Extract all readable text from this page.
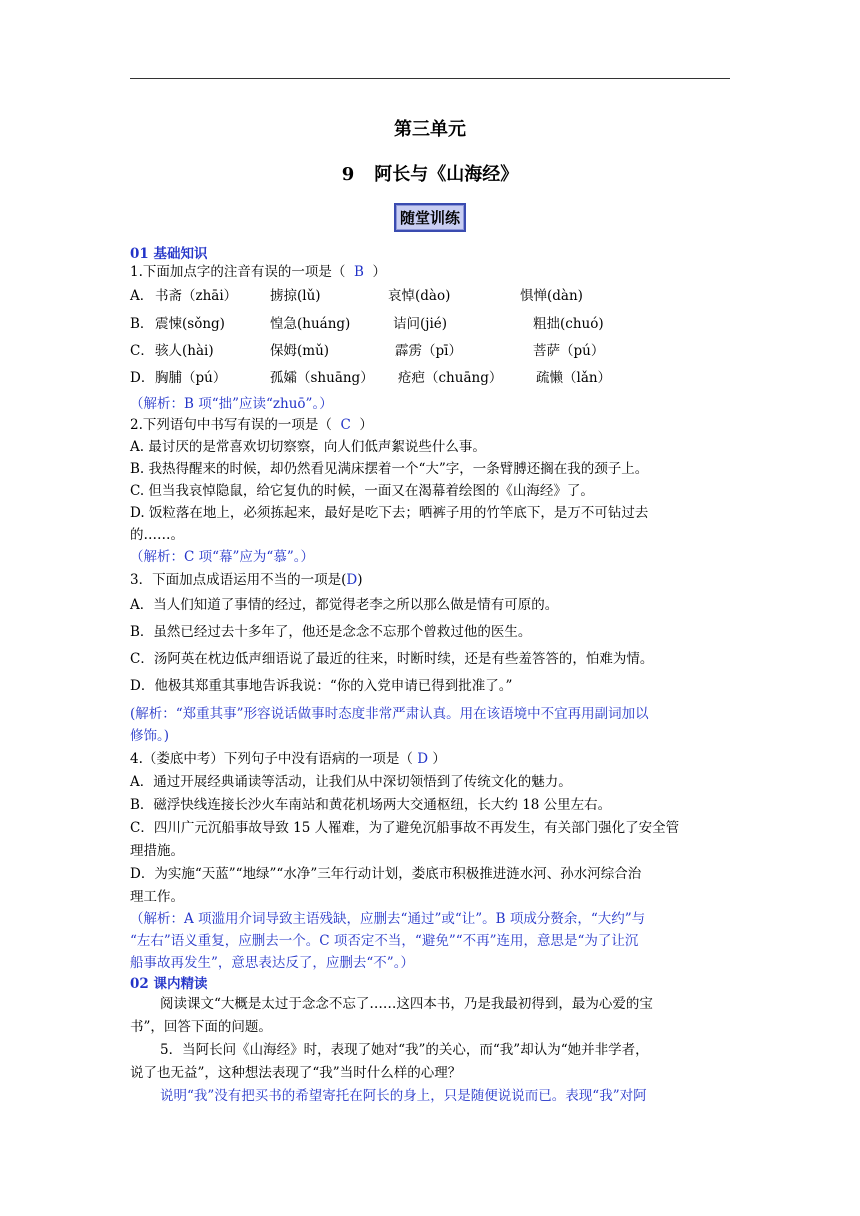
第三单元
9 阿长与《山海经》
随堂训练
01 基础知识
1.下面加点字的注音有误的一项是（ B ）
A． 书斋（zhāi） 掳掠(lǔ)	哀悼(dào)	惧惮(dàn)
B． 震悚(sǒng)	惶急(huáng)	诘问(jié)	粗拙(chuó)
C． 骇人(hài)	保姆(mǔ)	霹雳（pī）	菩萨（pú）
D． 胸脯（pú）	孤孀（shuāng） 疮疤（chuāng） 疏懒（lǎn）
（解析：B 项“拙”应读“zhuō”。）
2.下列语句中书写有误的一项是（ C ）
A. 最讨厌的是常喜欢切切察察，向人们低声絮说些什么事。
B. 我热得醒来的时候，却仍然看见满床摆着一个“大”字，一条臂膊还搁在我的颈子上。
C. 但当我哀悼隐鼠，给它复仇的时候，一面又在渴幕着绘图的《山海经》了。
D. 饭粒落在地上，必须拣起来，最好是吃下去；晒裤子用的竹竿底下，是万不可钻过去
的……。
（解析：C 项“幕”应为“慕”。）
3．下面加点成语运用不当的一项是(D)
A．当人们知道了事情的经过，都觉得老李之所以那么做是情有可原的。
B．虽然已经过去十多年了，他还是念念不忘那个曾救过他的医生。
C．汤阿英在枕边低声细语说了最近的往来，时断时续，还是有些羞答答的，怕难为情。
D．他极其郑重其事地告诉我说：“你的入党申请已得到批准了。”
(解析：“郑重其事”形容说话做事时态度非常严肃认真。用在该语境中不宜再用副词加以
修饰。)
4.（娄底中考）下列句子中没有语病的一项是（ D ）
A．通过开展经典诵读等活动，让我们从中深切领悟到了传统文化的魅力。
B．磁浮快线连接长沙火车南站和黄花机场两大交通枢纽，长大约 18 公里左右。
C．四川广元沉船事故导致 15 人罹难，为了避免沉船事故不再发生，有关部门强化了安全管
理措施。
D．为实施“天蓝”“地绿”“水净”三年行动计划，娄底市积极推进涟水河、孙水河综合治
理工作。
（解析：A 项滥用介词导致主语残缺，应删去“通过”或“让”。B 项成分赘余，“大约”与
“左右”语义重复，应删去一个。C 项否定不当，“避免”“不再”连用，意思是“为了让沉
船事故再发生”，意思表达反了，应删去“不”。）
02 课内精读
阅读课文“大概是太过于念念不忘了……这四本书，乃是我最初得到，最为心爱的宝
书”，回答下面的问题。
5．当阿长问《山海经》时，表现了她对“我”的关心，而“我”却认为“她并非学者，
说了也无益”，这种想法表现了“我”当时什么样的心理？
说明“我”没有把买书的希望寄托在阿长的身上，只是随便说说而已。表现“我”对阿
